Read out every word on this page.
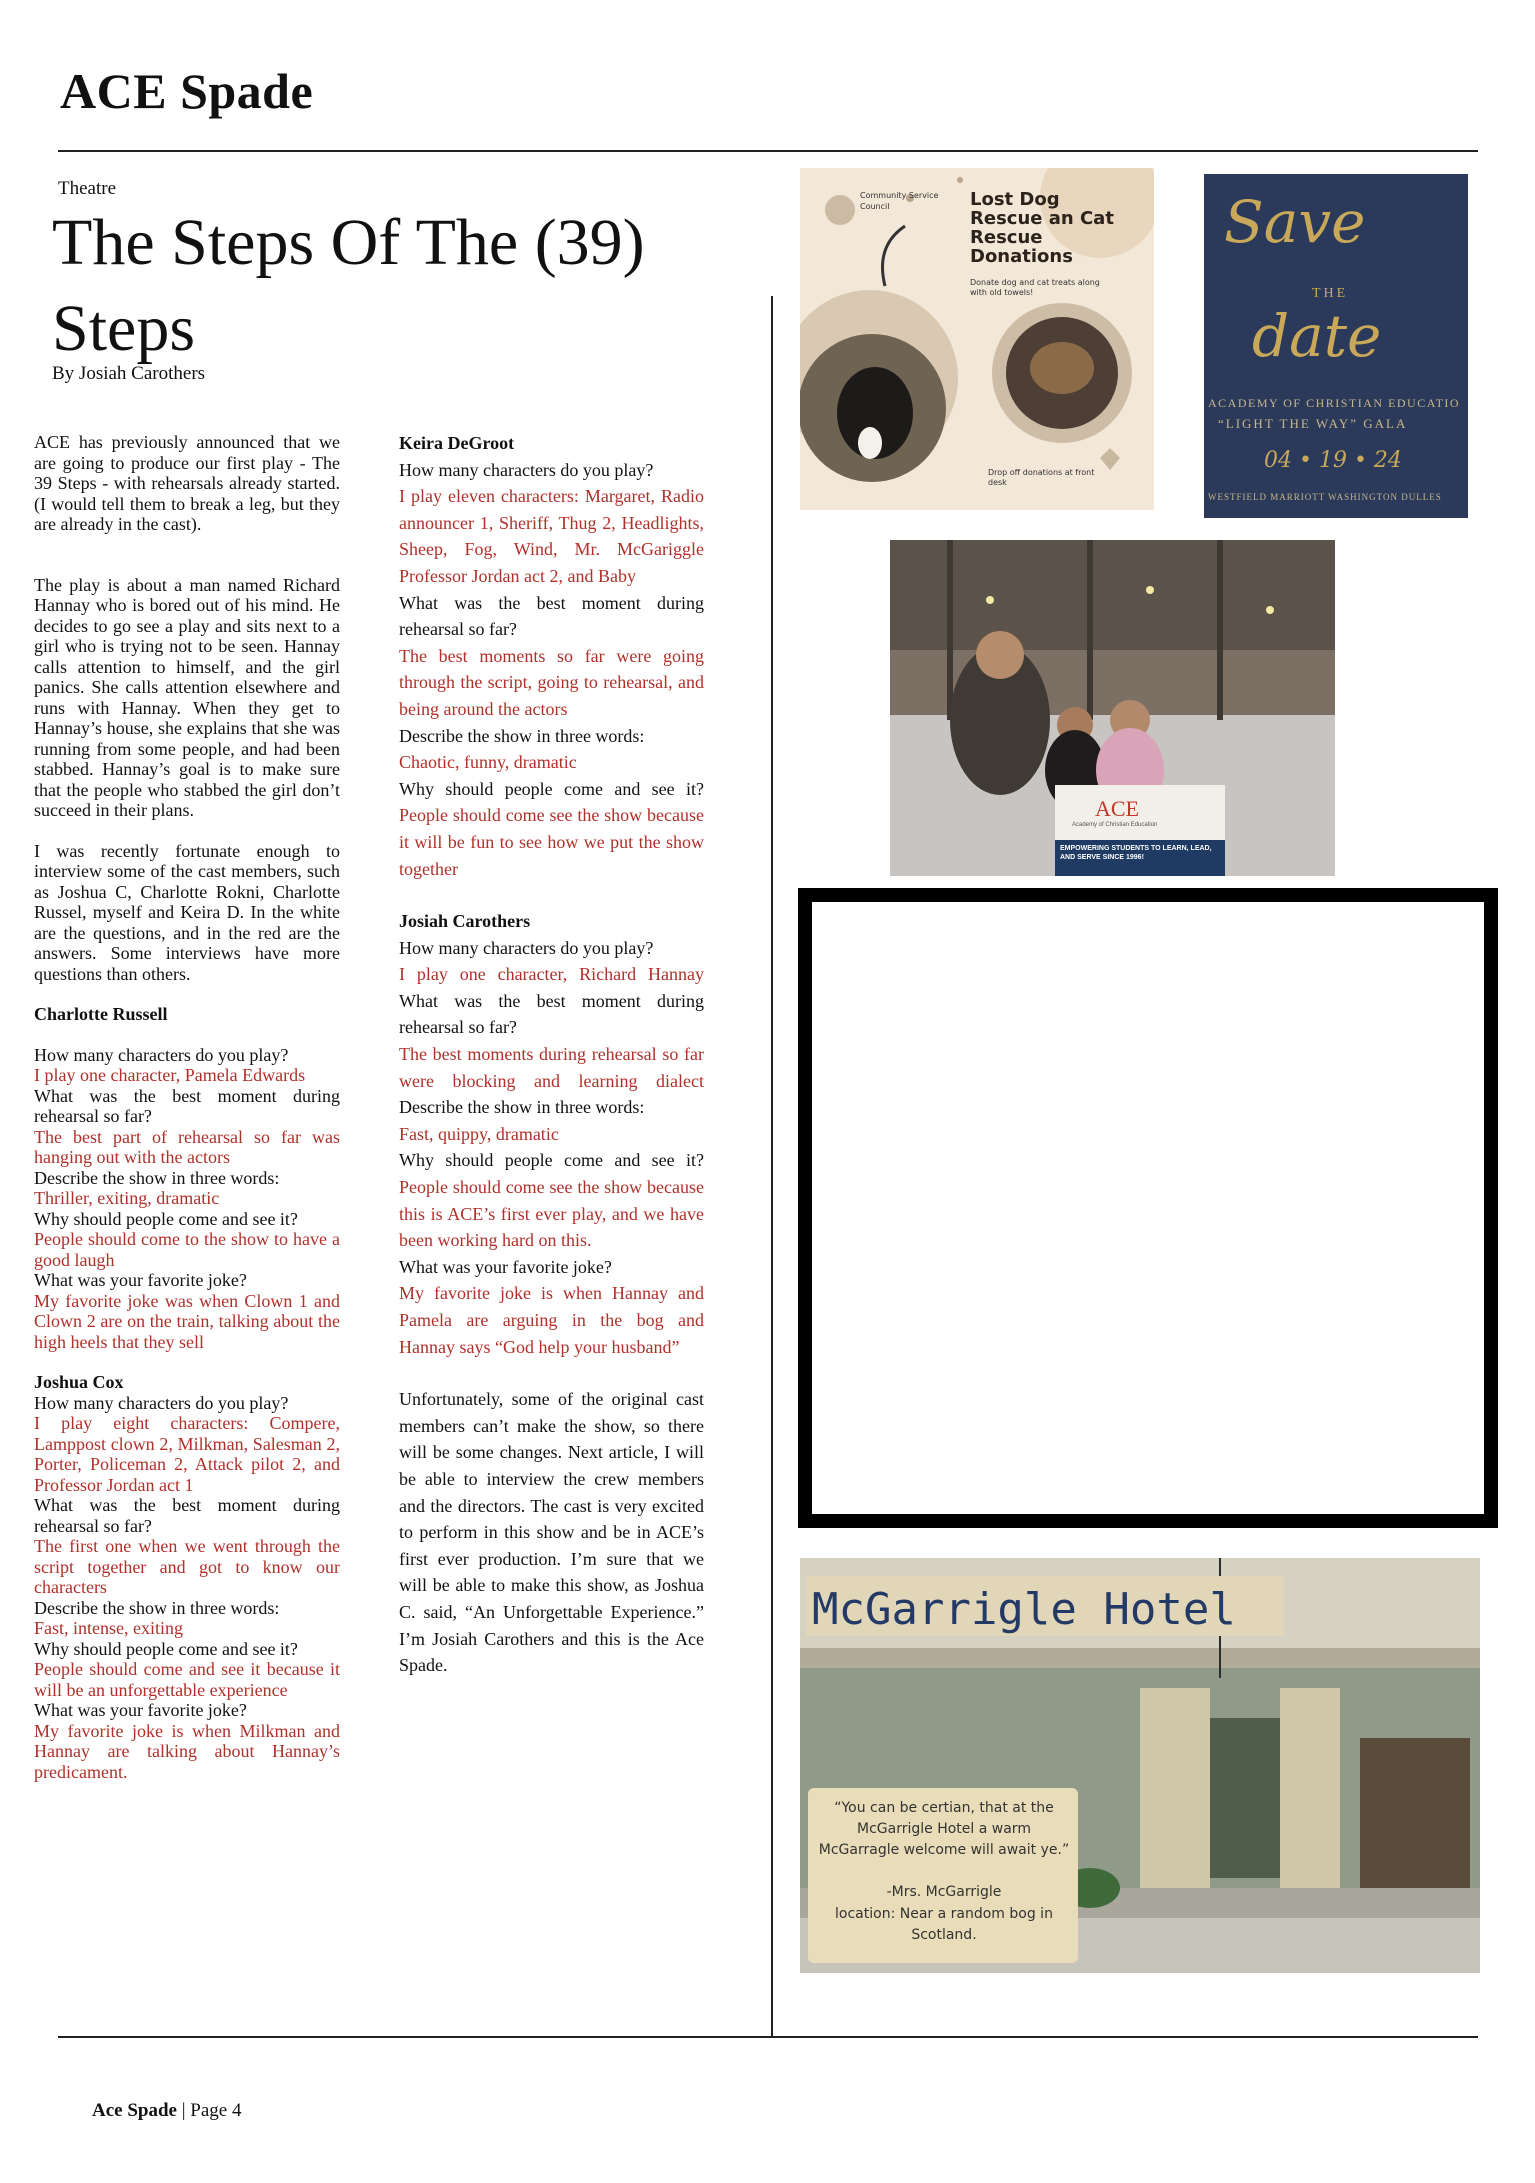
ACE Spade
Theatre
The Steps Of The (39) Steps
By Josiah Carothers

ACE has previously announced that we are going to produce our first play - The 39 Steps - with rehearsals already started.(I would tell them to break a leg, but they are already in the cast).

The play is about a man named Richard Hannay who is bored out of his mind. He decides to go see a play and sits next to a girl who is trying not to be seen. Hannay calls attention to himself, and the girl panics. She calls attention elsewhere and runs with Hannay. When they get to Hannay’s house, she explains that she was running from some people, and had been stabbed. Hannay’s goal is to make sure that the people who stabbed the girl don’t succeed in their plans.

I was recently fortunate enough to interview some of the cast members, such as Joshua C, Charlotte Rokni, Charlotte Russel, myself and Keira D. In the white are the questions, and in the red are the answers. Some interviews have more questions than others.

Charlotte Russell

How many characters do you play?

I play one character, Pamela Edwards

What was the best moment during rehearsal so far?

The best part of rehearsal so far was hanging out with the actors

Describe the show in three words:

Thriller, exiting, dramatic

Why should people come and see it?

People should come to the show to have a good laugh

What was your favorite joke?

My favorite joke was when Clown 1 and Clown 2 are on the train, talking about the high heels that they sell

Joshua Cox

How many characters do you play?

I play eight characters: Compere, Lamppost clown 2, Milkman, Salesman 2, Porter, Policeman 2, Attack pilot 2, and Professor Jordan act 1

What was the best moment during rehearsal so far?

The first one when we went through the script together and got to know our characters

Describe the show in three words:

Fast, intense, exiting

Why should people come and see it?

People should come and see it because it will be an unforgettable experience

What was your favorite joke?

My favorite joke is when Milkman and Hannay are talking about Hannay’s predicament.

Keira DeGroot

How many characters do you play?

I play eleven characters: Margaret, Radio announcer 1, Sheriff, Thug 2, Headlights, Sheep, Fog, Wind, Mr. McGariggle Professor Jordan act 2, and Baby

What was the best moment during rehearsal so far?

The best moments so far were going through the script, going to rehearsal, and being around the actors

Describe the show in three words:

Chaotic, funny, dramatic

Why should people come and see it? People should come see the show because it will be fun to see how we put the show together

Josiah Carothers

How many characters do you play?

I play one character, Richard Hannay What was the best moment during rehearsal so far?

The best moments during rehearsal so far were blocking and learning dialect Describe the show in three words:

Fast, quippy, dramatic

Why should people come and see it? People should come see the show because this is ACE’s first ever play, and we have been working hard on this.

What was your favorite joke?

My favorite joke is when Hannay and Pamela are arguing in the bog and Hannay says “God help your husband”

Unfortunately, some of the original cast members can’t make the show, so there will be some changes. Next article, I will be able to interview the crew members and the directors. The cast is very excited to perform in this show and be in ACE’s first ever production. I’m sure that we will be able to make this show, as Joshua C. said, “An Unforgettable Experience.” I’m Josiah Carothers and this is the Ace Spade.

Community Service Council	Lost Dog
Rescue an Cat
Rescue
Donations
Donate dog and cat treats along with old towels!
Drop off donations at front desk
Save
THE
date
ACADEMY OF CHRISTIAN EDUCATIO
“LIGHT THE WAY” GALA
04 • 19 • 24
WESTFIELD MARRIOTT WASHINGTON DULLES
ACE
Academy of Christian Education
EMPOWERING STUDENTS TO LEARN, LEAD, AND SERVE SINCE 1996!
McGarrigle Hotel
“You can be certian, that at the McGarrigle Hotel a warm McGarragle welcome will await ye.”
-Mrs. McGarrigle
location: Near a random bog in Scotland.
Ace Spade | Page 4
